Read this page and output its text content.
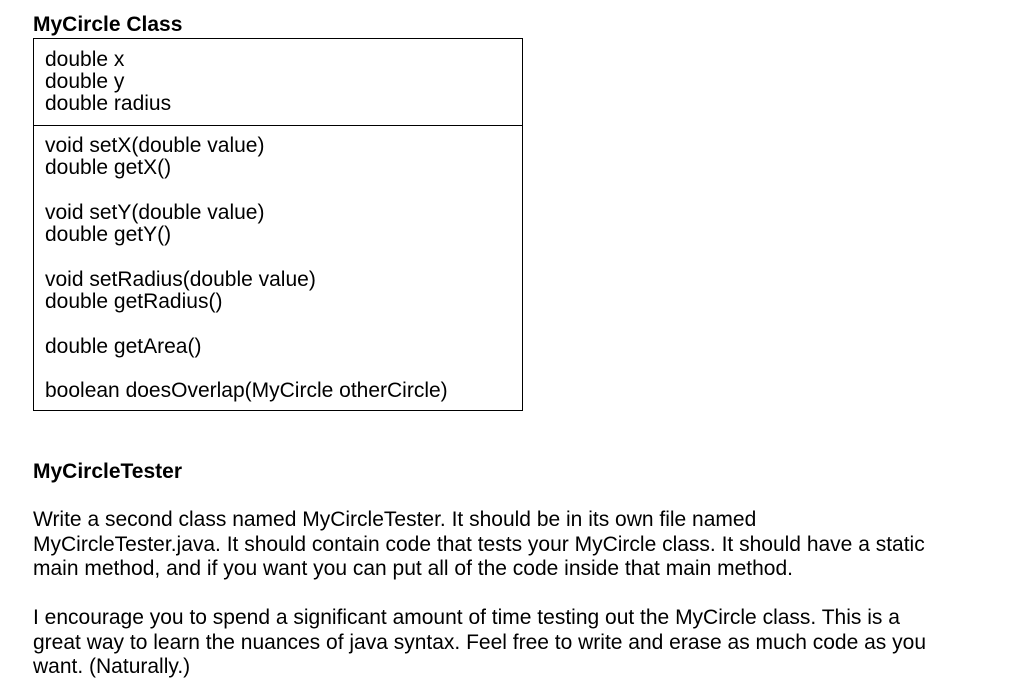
MyCircle Class
double x
double y
double radius
void setX(double value)
double getX()
void setY(double value)
double getY()
void setRadius(double value)
double getRadius()
double getArea()
boolean doesOverlap(MyCircle otherCircle)
MyCircleTester
Write a second class named MyCircleTester. It should be in its own file named
MyCircleTester.java. It should contain code that tests your MyCircle class. It should have a static
main method, and if you want you can put all of the code inside that main method.
I encourage you to spend a significant amount of time testing out the MyCircle class. This is a
great way to learn the nuances of java syntax. Feel free to write and erase as much code as you
want. (Naturally.)
